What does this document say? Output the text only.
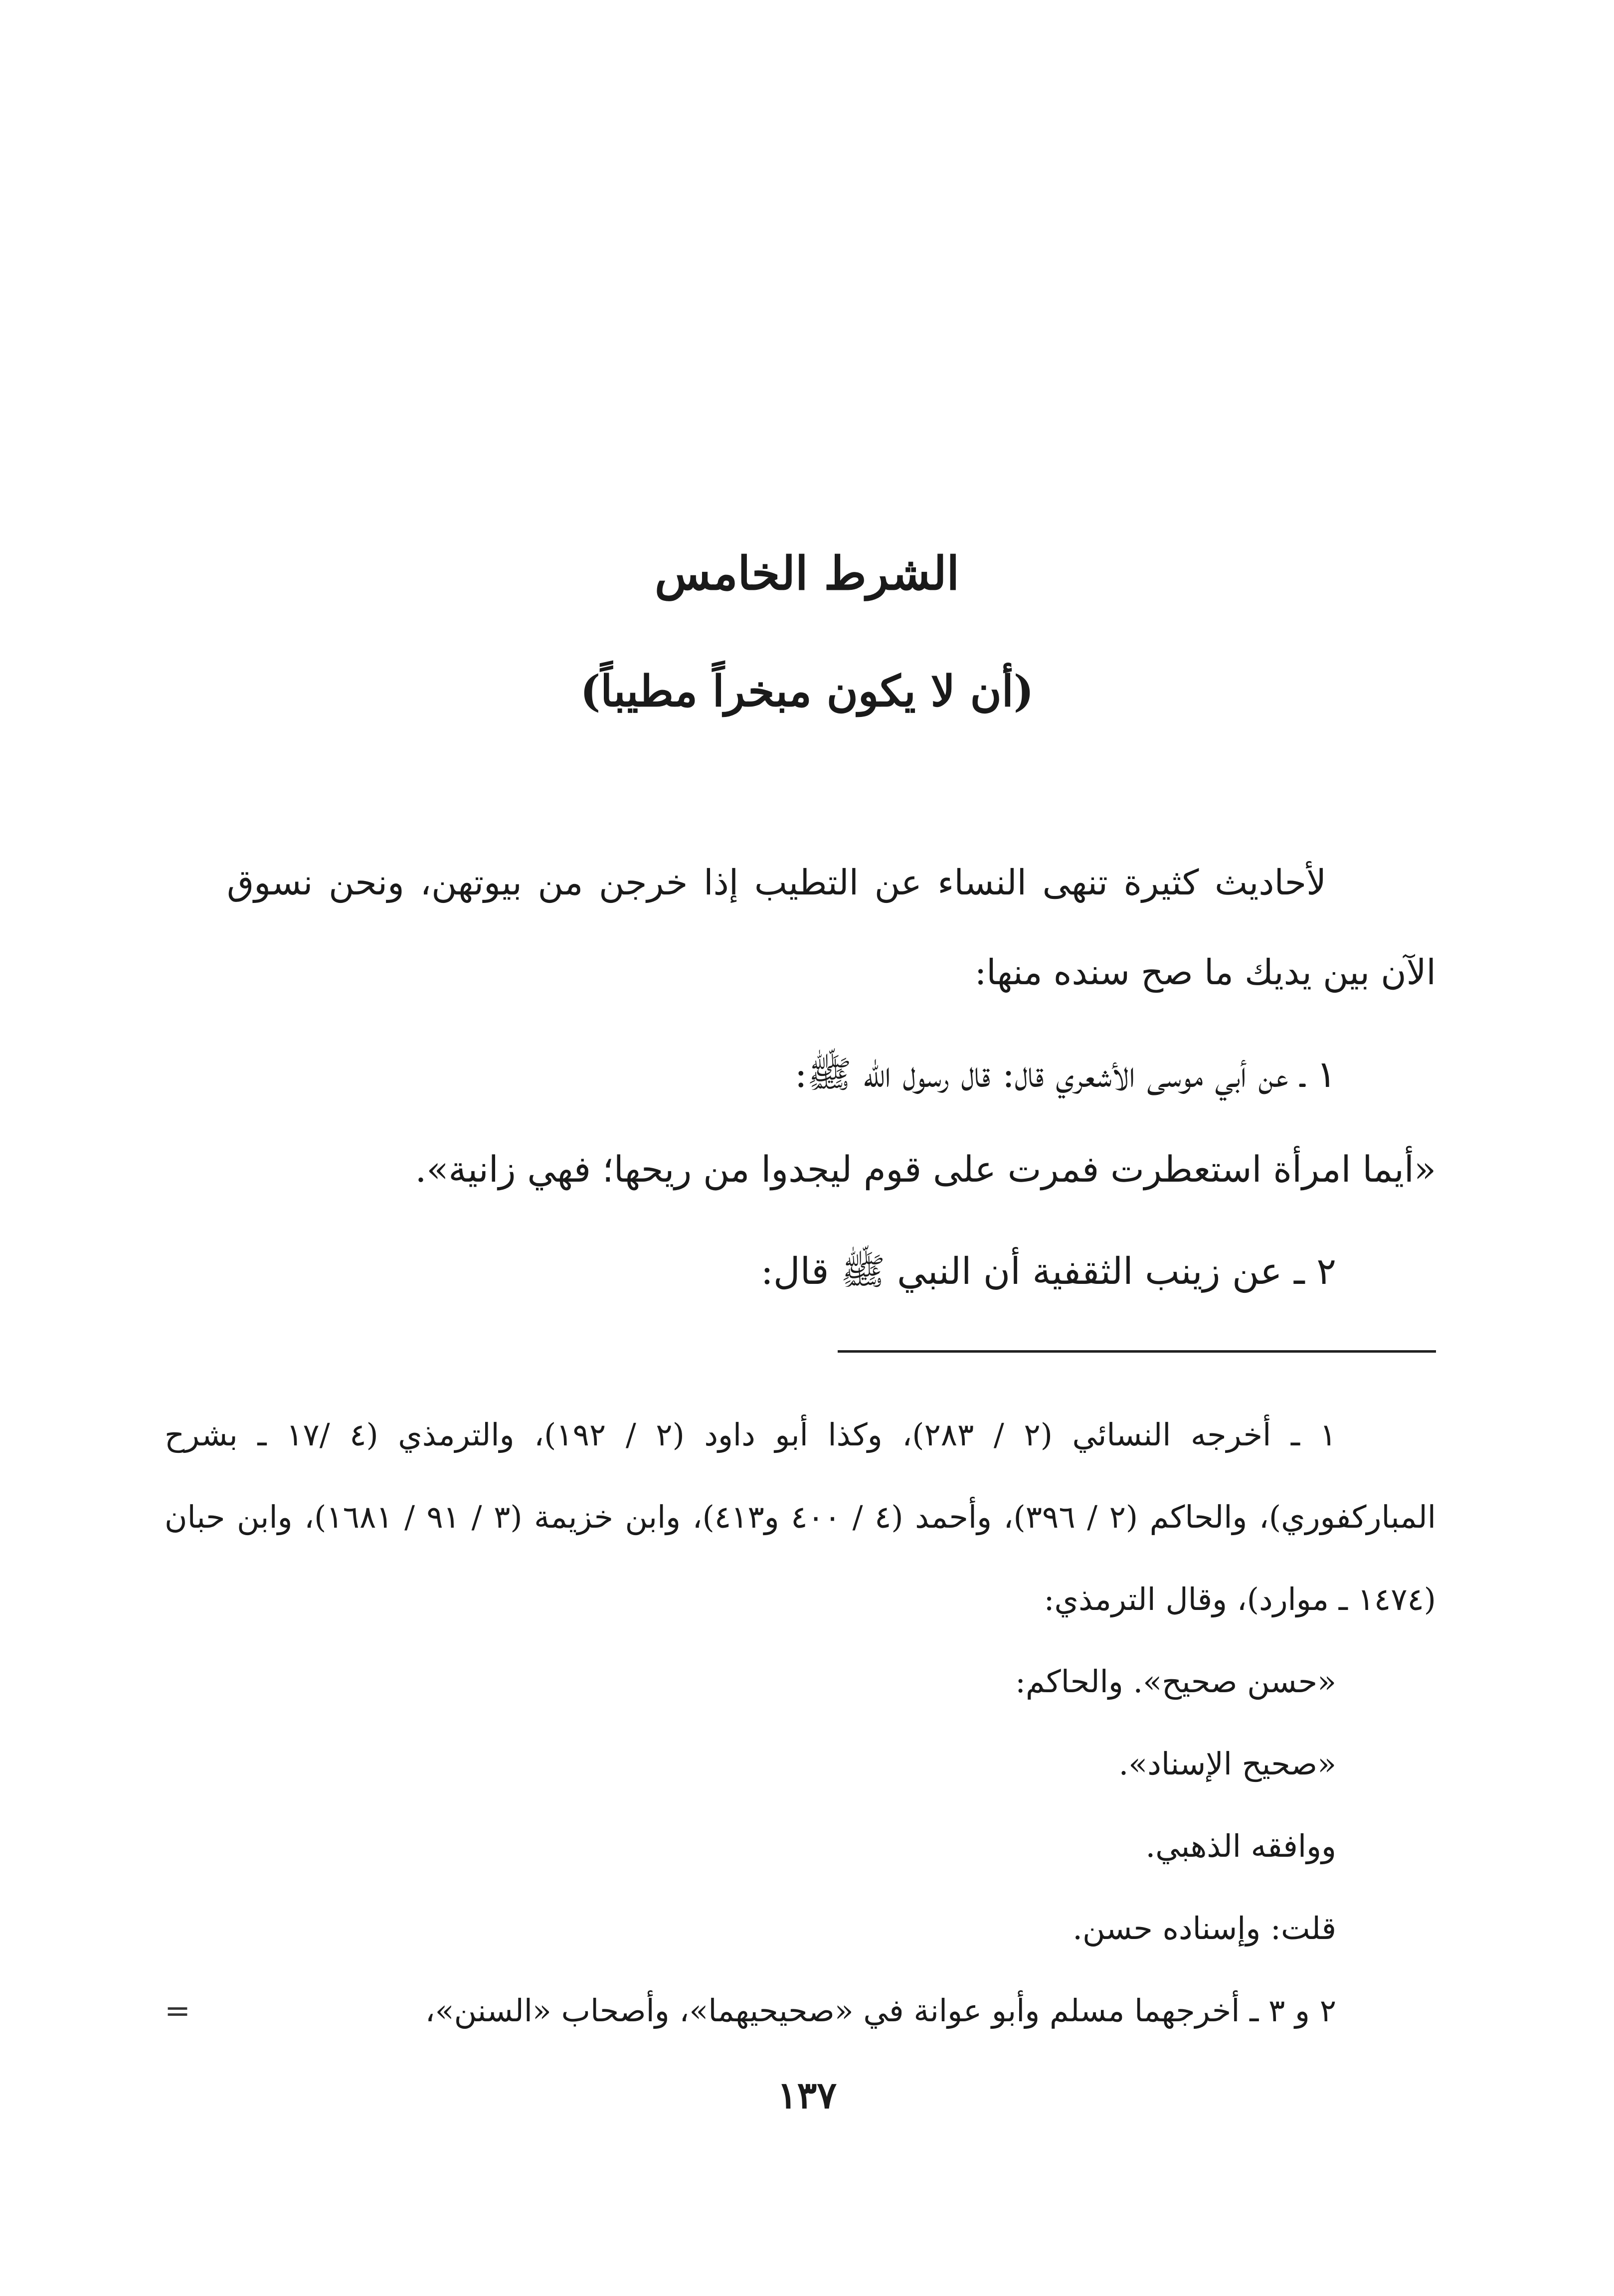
الشرط الخامس
(أن لا يكون مبخراً مطيباً)

لأحاديث كثيرة تنهى النساء عن التطيب إذا خرجن من بيوتهن، ونحن نسوق الآن بين يديك ما صح سنده منها:

١ ـ عن أبي موسى الأشعري قال: قال رسول الله ﷺ:

«أيما امرأة استعطرت فمرت على قوم ليجدوا من ريحها؛ فهي زانية».

٢ ـ عن زينب الثقفية أن النبي ﷺ قال:

١ ـ أخرجه النسائي (٢ / ٢٨٣)، وكذا أبو داود (٢ / ١٩٢)، والترمذي (٤ /١٧ ـ بشرح المباركفوري)، والحاكم (٢ / ٣٩٦)، وأحمد (٤ / ٤٠٠ و٤١٣)، وابن خزيمة (٣ / ٩١ / ١٦٨١)، وابن حبان (١٤٧٤ ـ موارد)، وقال الترمذي:

«حسن صحيح». والحاكم:

«صحيح الإسناد».

ووافقه الذهبي.

قلت: وإسناده حسن.

٢ و ٣ ـ أخرجهما مسلم وأبو عوانة في «صحيحيهما»، وأصحاب «السنن»،
=

١٣٧
